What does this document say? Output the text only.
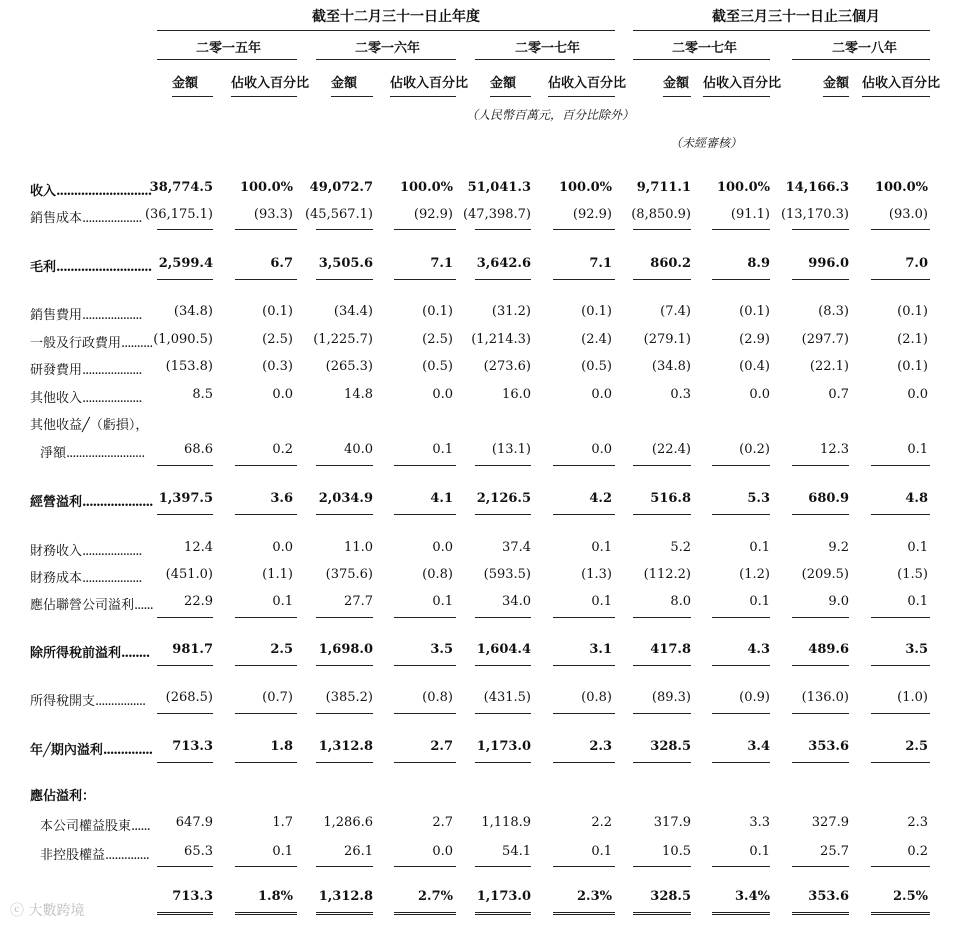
截至十二月三十一日止年度	截至三月三十一日止三個月
二零一五年	二零一六年	二零一七年	二零一七年	二零一八年
金額	佔收入百分比 金額	佔收入百分比 金額 佔收入百分比	金額 佔收入百分比	金額 佔收入百分比
（人民幣百萬元，百分比除外）
（未經審核）
收入...........................
38,774.5 100.0% 49,072.7 100.0% 51,041.3 100.0% 9,711.1 100.0% 14,166.3 100.0%
銷售成本................... (36,175.1)	(93.3) (45,567.1)	(92.9) (47,398.7)	(92.9) (8,850.9)	(91.1) (13,170.3)	(93.0)
毛利........................... 2,599.4	6.7 3,505.6	7.1 3,642.6	7.1	860.2	8.9	996.0	7.0
銷售費用................... (34.8)	(0.1)	(34.4)	(0.1)	(31.2)	(0.1)	(7.4)	(0.1)	(8.3)	(0.1)
一般及行政費用.......... (1,090.5)	(2.5) (1,225.7)	(2.5) (1,214.3)	(2.4) (279.1)	(2.9) (297.7)	(2.1)
研發費用................... (153.8)	(0.3)	(265.3)	(0.5) (273.6)	(0.5)	(34.8)	(0.4)	(22.1)	(0.1)
其他收入...................	8.5	0.0	14.8	0.0	16.0	0.0	0.3	0.0	0.7	0.0
其他收益╱（虧損），
淨額.........................	68.6	0.2	40.0	0.1	(13.1)	0.0	(22.4)	(0.2)	12.3	0.1
經營溢利.................... 1,397.5	3.6 2,034.9	4.1 2,126.5	4.2	516.8	5.3	680.9	4.8
財務收入...................	12.4	0.0	11.0	0.0	37.4	0.1	5.2	0.1	9.2	0.1
財務成本................... (451.0)	(1.1)	(375.6)	(0.8) (593.5)	(1.3) (112.2)	(1.2) (209.5)	(1.5)
應佔聯營公司溢利...... 22.9	0.1	27.7	0.1	34.0	0.1	8.0	0.1	9.0	0.1
除所得稅前溢利........ 981.7	2.5 1,698.0	3.5 1,604.4	3.1	417.8	4.3	489.6	3.5
所得稅開支................ (268.5)	(0.7)	(385.2)	(0.8) (431.5)	(0.8)	(89.3)	(0.9) (136.0)	(1.0)
年╱期內溢利.............. 713.3	1.8 1,312.8	2.7 1,173.0	2.3	328.5	3.4	353.6	2.5
應佔溢利：
本公司權益股東...... 647.9	1.7 1,286.6	2.7 1,118.9	2.2	317.9	3.3	327.9	2.3
非控股權益..............	65.3	0.1	26.1	0.0	54.1	0.1	10.5	0.1	25.7	0.2
713.3	1.8% 1,312.8	2.7% 1,173.0	2.3%	328.5	3.4%	353.6	2.5%
ⓒ 大數跨境
